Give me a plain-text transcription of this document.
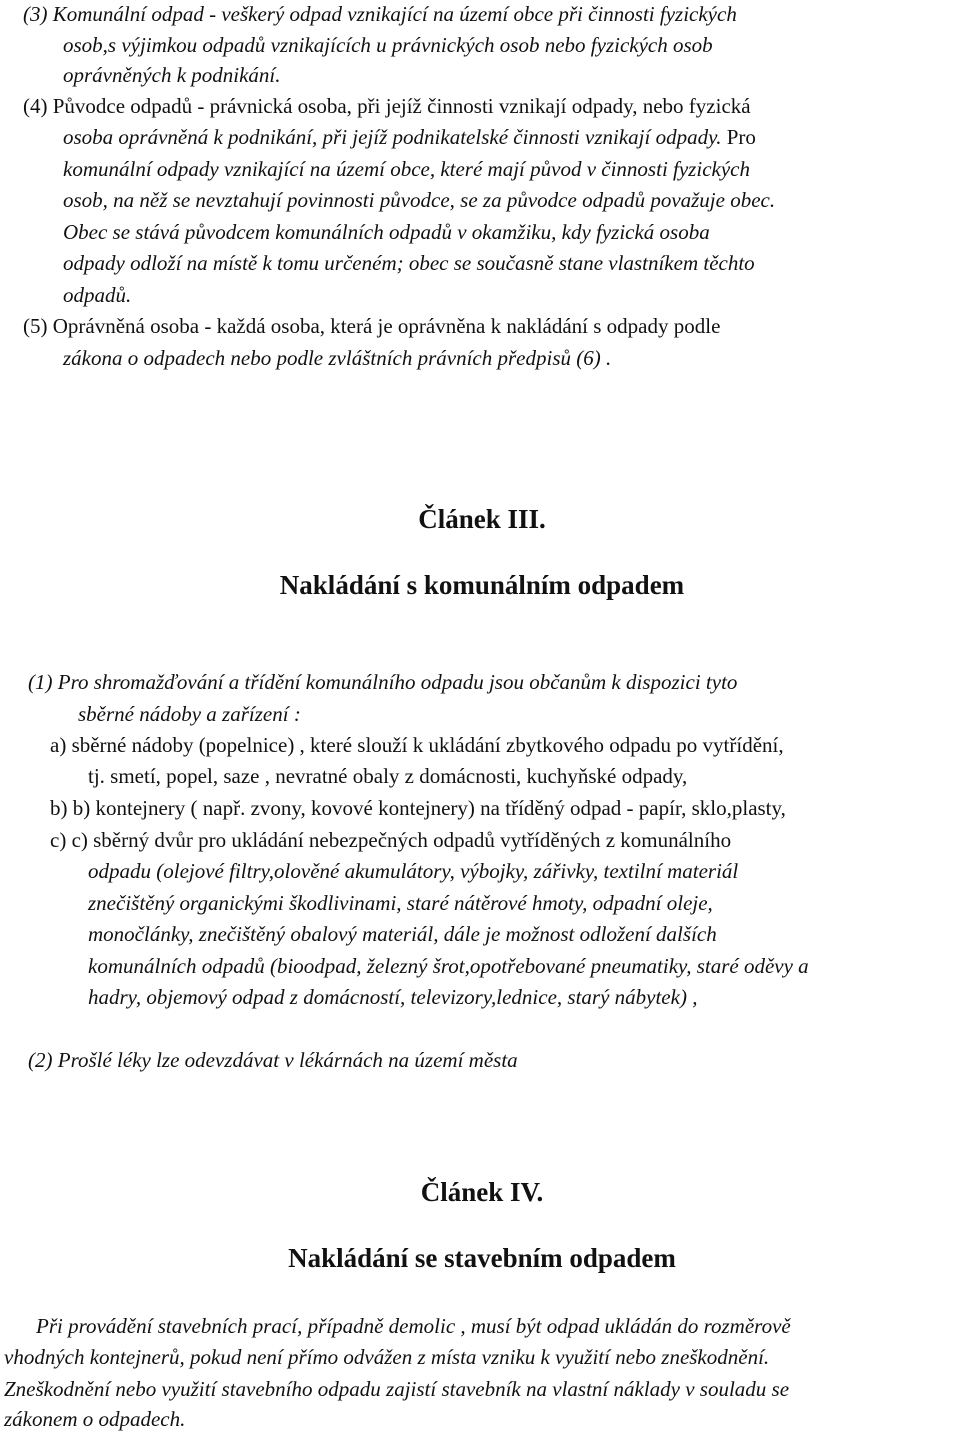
(3) Komunální odpad - veškerý odpad vznikající na území obce při činnosti fyzických
osob,s výjimkou odpadů vznikajících u právnických osob nebo fyzických osob
oprávněných k podnikání.
(4) Původce odpadů - právnická osoba, při jejíž činnosti vznikají odpady, nebo fyzická
osoba oprávněná k podnikání, při jejíž podnikatelské činnosti vznikají odpady. Pro
komunální odpady vznikající na území obce, které mají původ v činnosti fyzických
osob, na něž se nevztahují povinnosti původce, se za původce odpadů považuje obec.
Obec se stává původcem komunálních odpadů v okamžiku, kdy fyzická osoba
odpady odloží na místě k tomu určeném; obec se současně stane vlastníkem těchto
odpadů.
(5) Oprávněná osoba - každá osoba, která je oprávněna k nakládání s odpady podle
zákona o odpadech nebo podle zvláštních právních předpisů (6) .
Článek III.
Nakládání s komunálním odpadem
(1) Pro shromažďování a třídění komunálního odpadu jsou občanům k dispozici tyto
sběrné nádoby a zařízení :
a) sběrné nádoby (popelnice) , které slouží k ukládání zbytkového odpadu po vytřídění,
tj. smetí, popel, saze , nevratné obaly z domácnosti, kuchyňské odpady,
b) b) kontejnery ( např. zvony, kovové kontejnery) na tříděný odpad - papír, sklo,plasty,
c) c) sběrný dvůr pro ukládání nebezpečných odpadů vytříděných z komunálního
odpadu (olejové filtry,olověné akumulátory, výbojky, zářivky, textilní materiál
znečištěný organickými škodlivinami, staré nátěrové hmoty, odpadní oleje,
monočlánky, znečištěný obalový materiál, dále je možnost odložení dalších
komunálních odpadů (bioodpad, železný šrot,opotřebované pneumatiky, staré oděvy a
hadry, objemový odpad z domácností, televizory,lednice, starý nábytek) ,
(2) Prošlé léky lze odevzdávat v lékárnách na území města
Článek IV.
Nakládání se stavebním odpadem
Při provádění stavebních prací, případně demolic , musí být odpad ukládán do rozměrově
vhodných kontejnerů, pokud není přímo odvážen z místa vzniku k využití nebo zneškodnění.
Zneškodnění nebo využití stavebního odpadu zajistí stavebník na vlastní náklady v souladu se
zákonem o odpadech.
